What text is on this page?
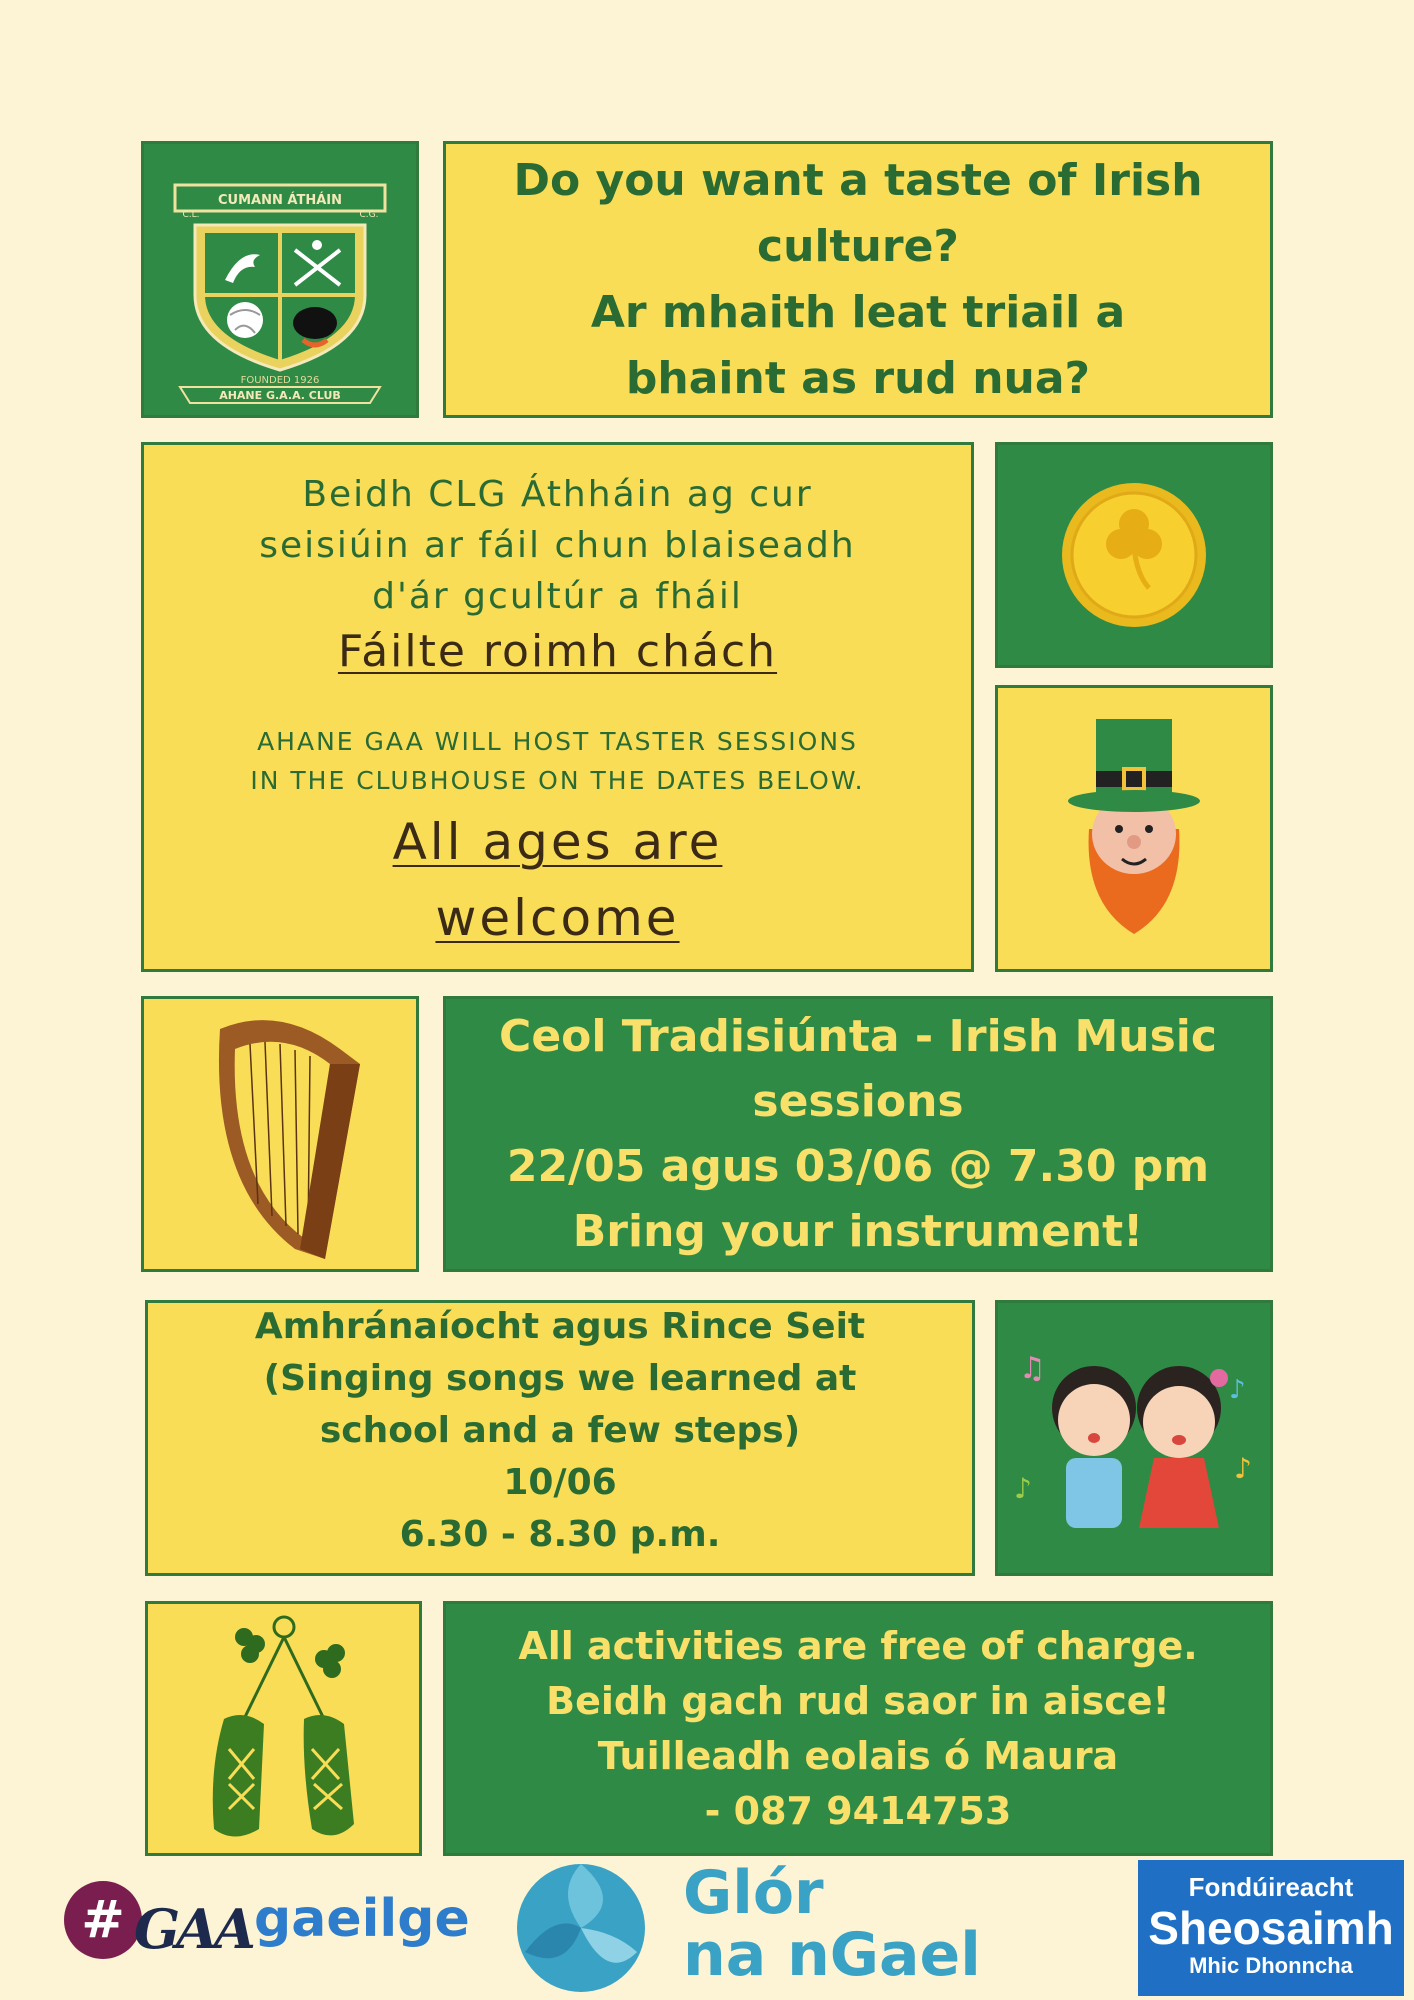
CUMANN ÁTHÁIN
C.L.	C.G.
FOUNDED 1926
AHANE G.A.A. CLUB
Do you want a taste of Irish
culture?
Ar mhaith leat triail a
bhaint as rud nua?
Beidh CLG Áthháin ag cur
seisiúin ar fáil chun blaiseadh
d'ár gcultúr a fháil
Fáilte roimh chách
AHANE GAA WILL HOST TASTER SESSIONS
IN THE CLUBHOUSE ON THE DATES BELOW.
All ages are
welcome
Ceol Tradisiúnta - Irish Music
sessions
22/05 agus 03/06 @ 7.30 pm
Bring your instrument!
Amhránaíocht agus Rince Seit
(Singing songs we learned at
school and a few steps)
10/06
6.30 - 8.30 p.m.
♫
♪
♪
♪
All activities are free of charge.
Beidh gach rud saor in aisce!
Tuilleadh eolais ó Maura
- 087 9414753
# GAA gaeilge	Glór
na nGael
Fondúireacht
Sheosaimh
Mhic Dhonncha
